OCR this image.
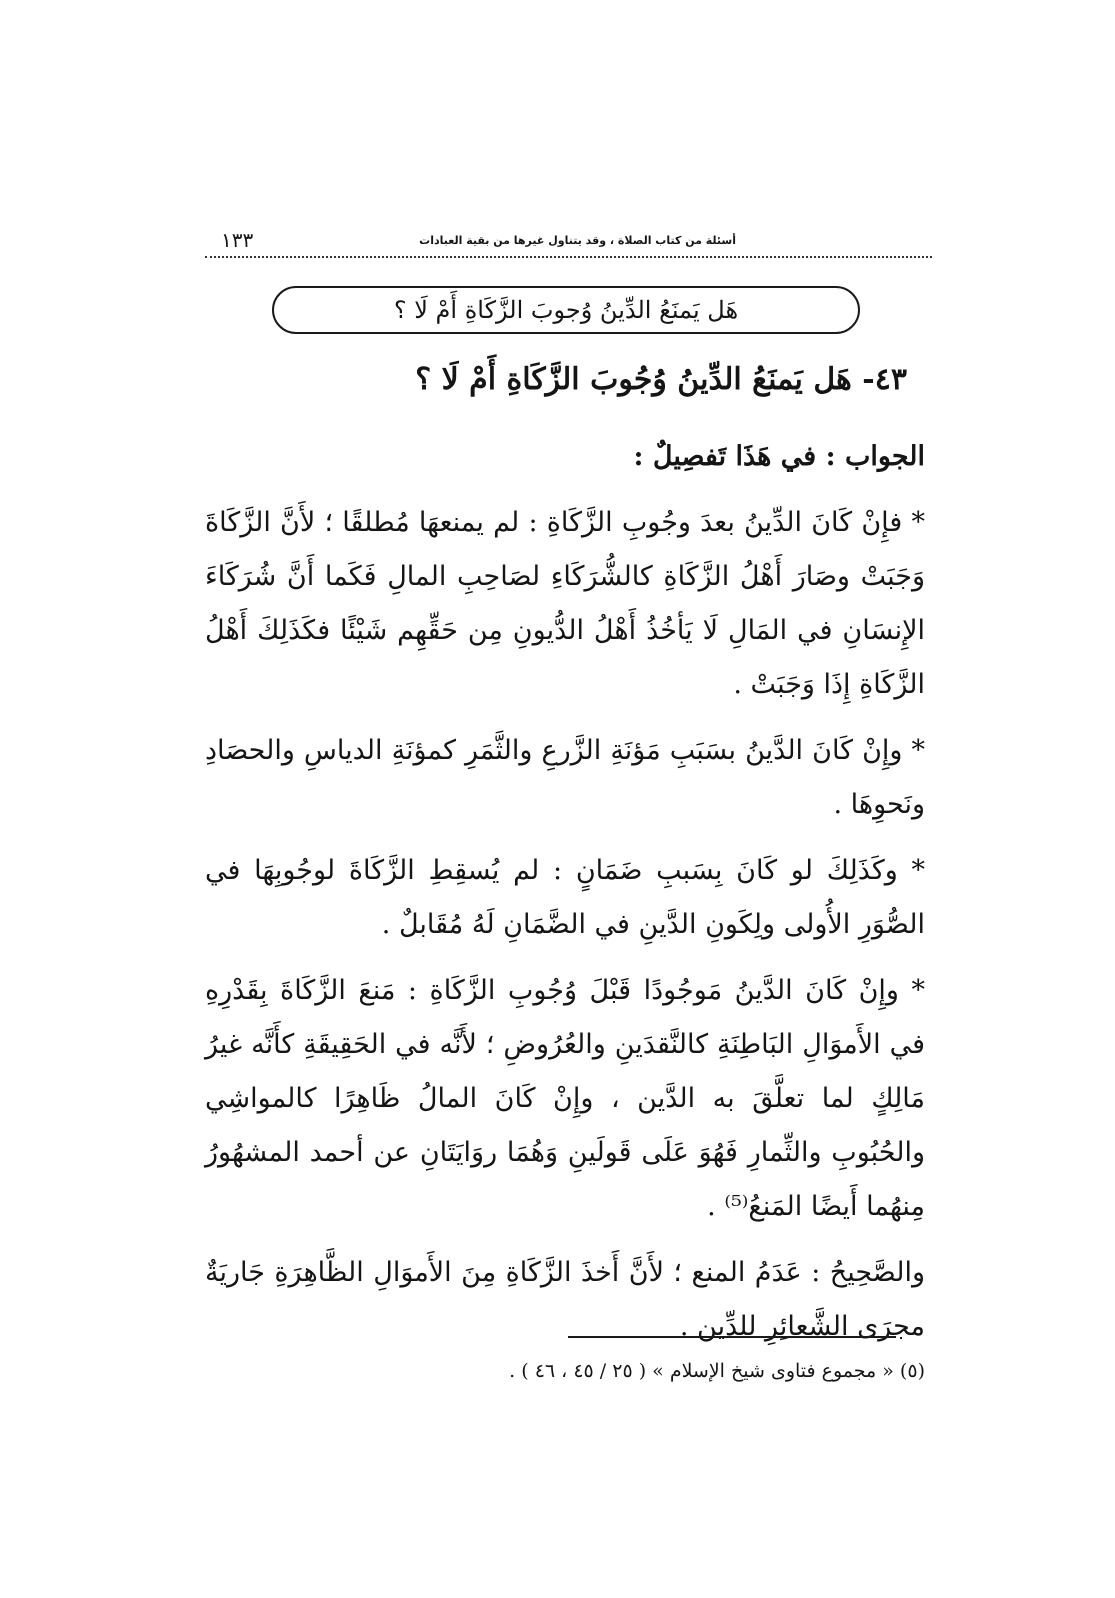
أسئلة من كتاب الصلاة ، وقد يتناول غيرها من بقية العبادات
١٣٣
هَل يَمنَعُ الدِّينُ وُجوبَ الزَّكَاةِ أَمْ لَا ؟
٤٣- هَل يَمنَعُ الدِّينُ وُجُوبَ الزَّكَاةِ أَمْ لَا ؟

الجواب : في هَذَا تَفصِيلٌ :

* فإِنْ كَانَ الدِّينُ بعدَ وجُوبِ الزَّكَاةِ : لم يمنعهَا مُطلقًا ؛ لأَنَّ الزَّكَاةَ وَجَبَتْ وصَارَ أَهْلُ الزَّكَاةِ كالشُّرَكَاءِ لصَاحِبِ المالِ فَكَما أَنَّ شُرَكَاءَ الإِنسَانِ في المَالِ لَا يَأخُذُ أَهْلُ الدُّيونِ مِن حَقِّهِم شَيْئًا فكَذَلِكَ أَهْلُ الزَّكَاةِ إِذَا وَجَبَتْ .

* وإِنْ كَانَ الدَّينُ بسَبَبِ مَؤنَةِ الزَّرعِ والثَّمَرِ كمؤنَةِ الدياسِ والحصَادِ ونَحوِهَا .

* وكَذَلِكَ لو كَانَ بِسَببِ ضَمَانٍ : لم يُسقِطِ الزَّكَاةَ لوجُوبِهَا في الصُّوَرِ الأُولى ولِكَونِ الدَّينِ في الضَّمَانِ لَهُ مُقَابلٌ .

* وإِنْ كَانَ الدَّينُ مَوجُودًا قَبْلَ وُجُوبِ الزَّكَاةِ : مَنعَ الزَّكَاةَ بِقَدْرِهِ في الأَموَالِ البَاطِنَةِ كالنَّقدَينِ والعُرُوضِ ؛ لأَنَّه في الحَقِيقَةِ كأَنَّه غيرُ مَالِكٍ لما تعلَّقَ به الدَّين ، وإِنْ كَانَ المالُ ظَاهِرًا كالمواشِي والحُبُوبِ والثِّمارِ فَهُوَ عَلَى قَولَينِ وَهُمَا روَايَتَانِ عن أحمد المشهُورُ مِنهُما أَيضًا المَنعُ⁽⁵⁾ .

والصَّحِيحُ : عَدَمُ المنع ؛ لأَنَّ أَخذَ الزَّكَاةِ مِنَ الأَموَالِ الظَّاهِرَةِ جَاريَةٌ مجرَى الشَّعائِرِ للدِّين .

(٥) « مجموع فتاوى شيخ الإسلام » ( ٢٥ / ٤٥ ، ٤٦ ) .
